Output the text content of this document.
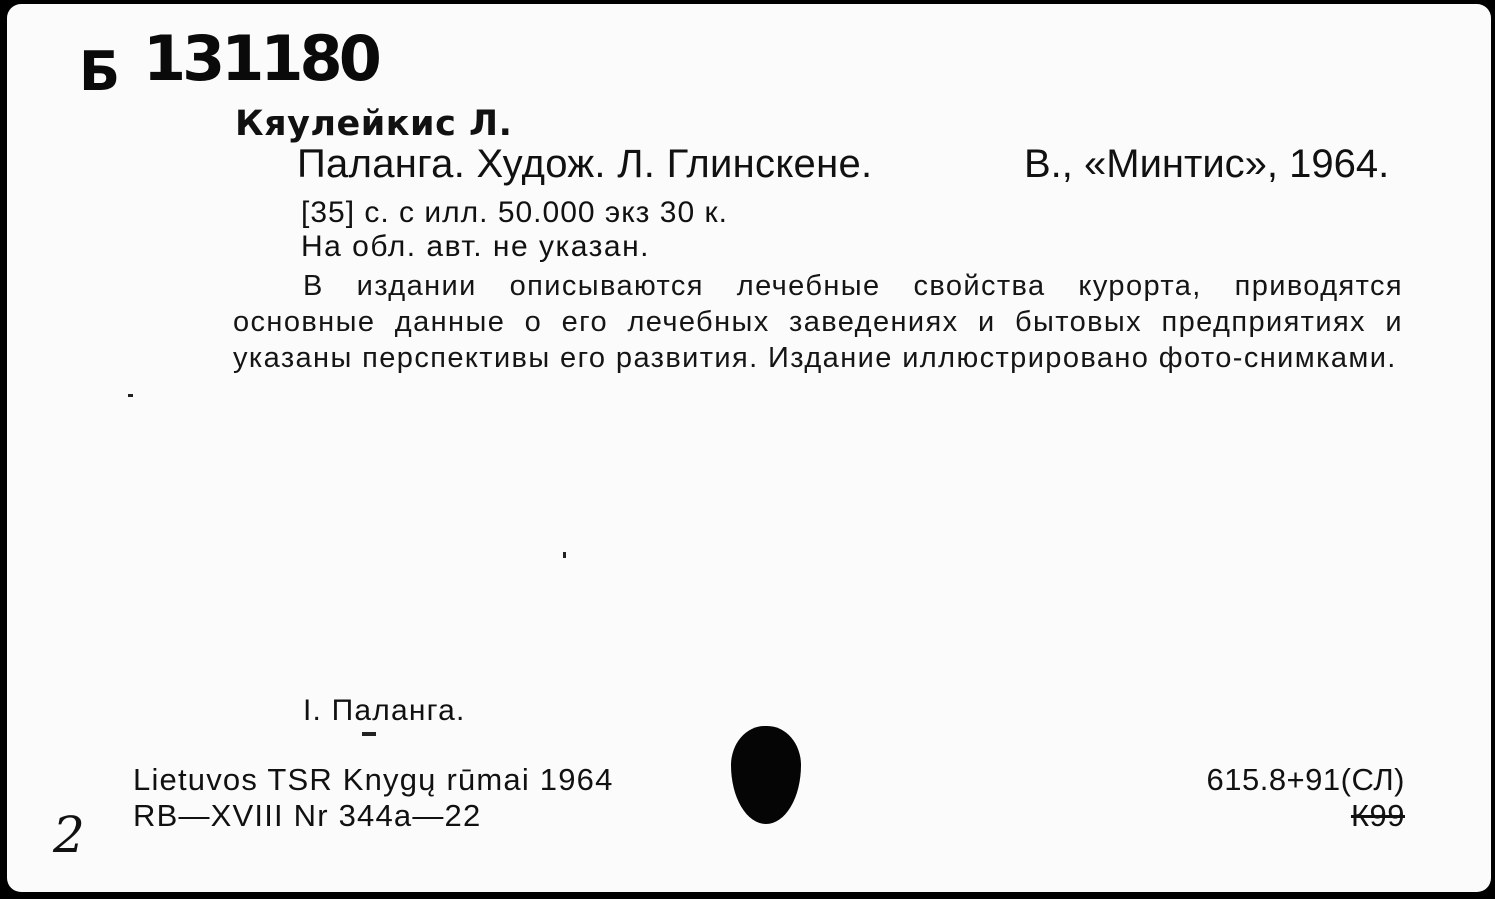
Б 131180
Кяулейкис Л.
Паланга. Худож. Л. Глинскене.	В., «Минтис», 1964.
[35] с. с илл. 50.000 экз 30 к.
На обл. авт. не указан.
В издании описываются лечебные свойства курорта, приводятся основные данные о его лечебных заведениях и бытовых предприятиях и указаны перспективы его развития. Издание иллюстрировано фото-снимками.
I. Паланга.
Lietuvos TSR Knygų rūmai 1964
RB—XVIII Nr 344a—22
615.8+91(СЛ)
К99
2
